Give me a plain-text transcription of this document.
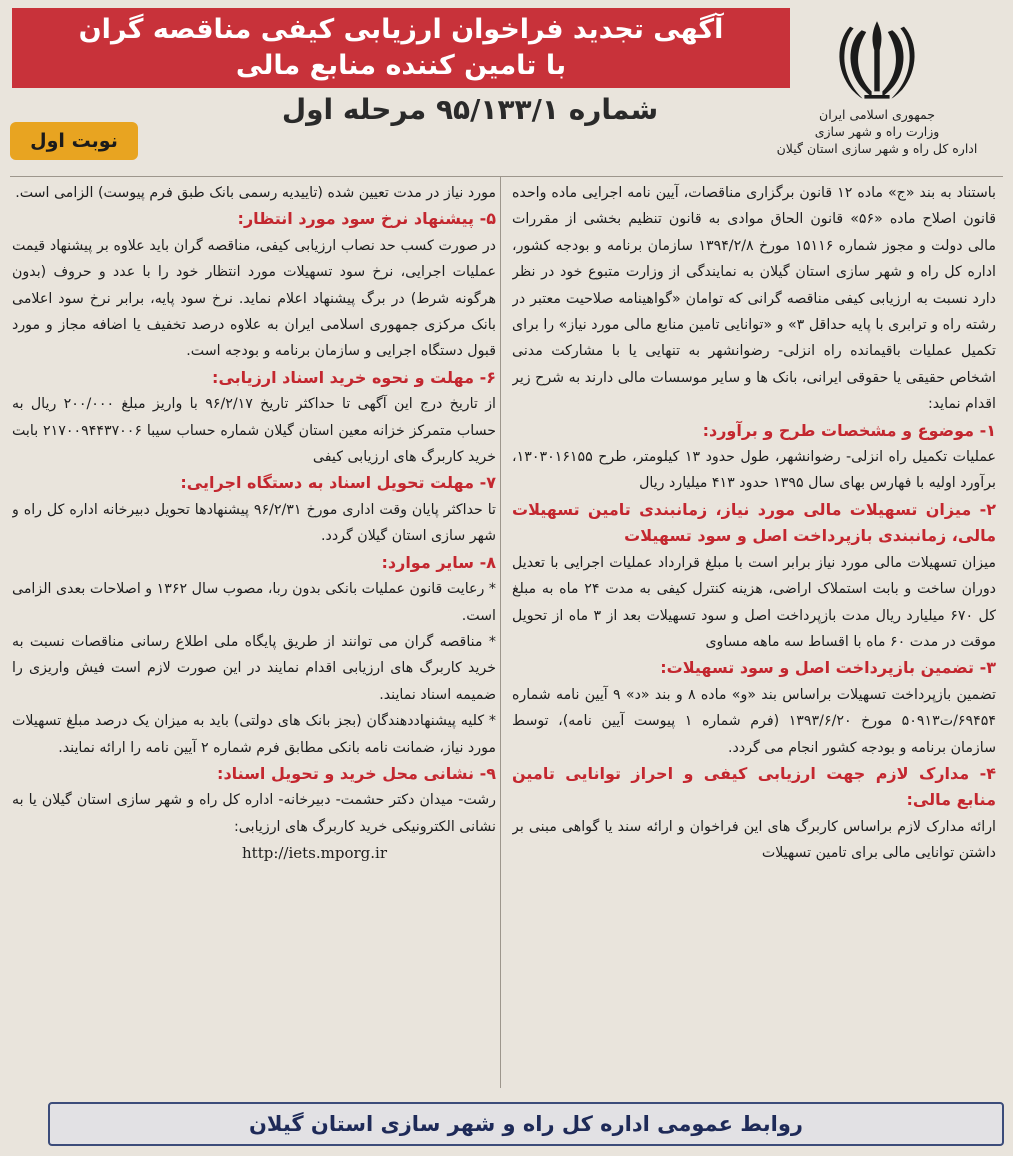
آگهی تجدید فراخوان ارزیابی کیفی مناقصه گران
با تامین کننده منابع مالی
شماره ۹۵/۱۳۳/۱ مرحله اول
نوبت اول
جمهوری اسلامی ایران
وزارت راه و شهر سازی
اداره کل راه و شهر سازی استان گیلان

باستناد به بند «ج» ماده ۱۲ قانون برگزاری مناقصات، آیین نامه اجرایی ماده واحده قانون اصلاح ماده «۵۶» قانون الحاق موادی به قانون تنظیم بخشی از مقررات مالی دولت و مجوز شماره ۱۵۱۱۶ مورخ ۱۳۹۴/۲/۸ سازمان برنامه و بودجه کشور، اداره کل راه و شهر سازی استان گیلان به نمایندگی از وزارت متبوع خود در نظر دارد نسبت به ارزیابی کیفی مناقصه گرانی که توامان «گواهینامه صلاحیت معتبر در رشته راه و ترابری با پایه حداقل ۳» و «توانایی تامین منابع مالی مورد نیاز» را برای تکمیل عملیات باقیمانده راه انزلی- رضوانشهر به تنهایی یا با مشارکت مدنی اشخاص حقیقی یا حقوقی ایرانی، بانک ها و سایر موسسات مالی دارند به شرح زیر اقدام نماید:

۱- موضوع و مشخصات طرح و برآورد:

عملیات تکمیل راه انزلی- رضوانشهر، طول حدود ۱۳ کیلومتر، طرح ۱۳۰۳۰۱۶۱۵۵، برآورد اولیه با فهارس بهای سال ۱۳۹۵ حدود ۴۱۳ میلیارد ریال

۲- میزان تسهیلات مالی مورد نیاز، زمانبندی تامین تسهیلات مالی، زمانبندی بازپرداخت اصل و سود تسهیلات

میزان تسهیلات مالی مورد نیاز برابر است با مبلغ قرارداد عملیات اجرایی با تعدیل دوران ساخت و بابت استملاک اراضی، هزینه کنترل کیفی به مدت ۲۴ ماه به مبلغ کل ۶۷۰ میلیارد ریال مدت بازپرداخت اصل و سود تسهیلات بعد از ۳ ماه از تحویل موقت در مدت ۶۰ ماه با اقساط سه ماهه مساوی

۳- تضمین بازپرداخت اصل و سود تسهیلات:

تضمین بازپرداخت تسهیلات براساس بند «و» ماده ۸ و بند «د» ۹ آیین نامه شماره ۶۹۴۵۴/ت۵۰۹۱۳ مورخ ۱۳۹۳/۶/۲۰ (فرم شماره ۱ پیوست آیین نامه)، توسط سازمان برنامه و بودجه کشور انجام می گردد.

۴- مدارک لازم جهت ارزیابی کیفی و احراز توانایی تامین منابع مالی:

ارائه مدارک لازم براساس کاربرگ های این فراخوان و ارائه سند یا گواهی مبنی بر داشتن توانایی مالی برای تامین تسهیلات

مورد نیاز در مدت تعیین شده (تاییدیه رسمی بانک طبق فرم پیوست) الزامی است.

۵- پیشنهاد نرخ سود مورد انتظار:

در صورت کسب حد نصاب ارزیابی کیفی، مناقصه گران باید علاوه بر پیشنهاد قیمت عملیات اجرایی، نرخ سود تسهیلات مورد انتظار خود را با عدد و حروف (بدون هرگونه شرط) در برگ پیشنهاد اعلام نماید. نرخ سود پایه، برابر نرخ سود اعلامی بانک مرکزی جمهوری اسلامی ایران به علاوه درصد تخفیف یا اضافه مجاز و مورد قبول دستگاه اجرایی و سازمان برنامه و بودجه است.

۶- مهلت و نحوه خرید اسناد ارزیابی:

از تاریخ درج این آگهی تا حداکثر تاریخ ۹۶/۲/۱۷ با واریز مبلغ ۲۰۰/۰۰۰ ریال به حساب متمرکز خزانه معین استان گیلان شماره حساب سیبا ۲۱۷۰۰۹۴۴۳۷۰۰۶ بابت خرید کاربرگ های ارزیابی کیفی

۷- مهلت تحویل اسناد به دستگاه اجرایی:

تا حداکثر پایان وقت اداری مورخ ۹۶/۲/۳۱ پیشنهادها تحویل دبیرخانه اداره کل راه و شهر سازی استان گیلان گردد.

۸- سایر موارد:

* رعایت قانون عملیات بانکی بدون ربا، مصوب سال ۱۳۶۲ و اصلاحات بعدی الزامی است.

* مناقصه گران می توانند از طریق پایگاه ملی اطلاع رسانی مناقصات نسبت به خرید کاربرگ های ارزیابی اقدام نمایند در این صورت لازم است فیش واریزی را ضمیمه اسناد نمایند.

* کلیه پیشنهاددهندگان (بجز بانک های دولتی) باید به میزان یک درصد مبلغ تسهیلات مورد نیاز، ضمانت نامه بانکی مطابق فرم شماره ۲ آیین نامه را ارائه نمایند.

۹- نشانی محل خرید و تحویل اسناد:

رشت- میدان دکتر حشمت- دبیرخانه- اداره کل راه و شهر سازی استان گیلان یا به نشانی الکترونیکی خرید کاربرگ های ارزیابی:

http://iets.mporg.ir

روابط عمومی اداره کل راه و شهر سازی استان گیلان
